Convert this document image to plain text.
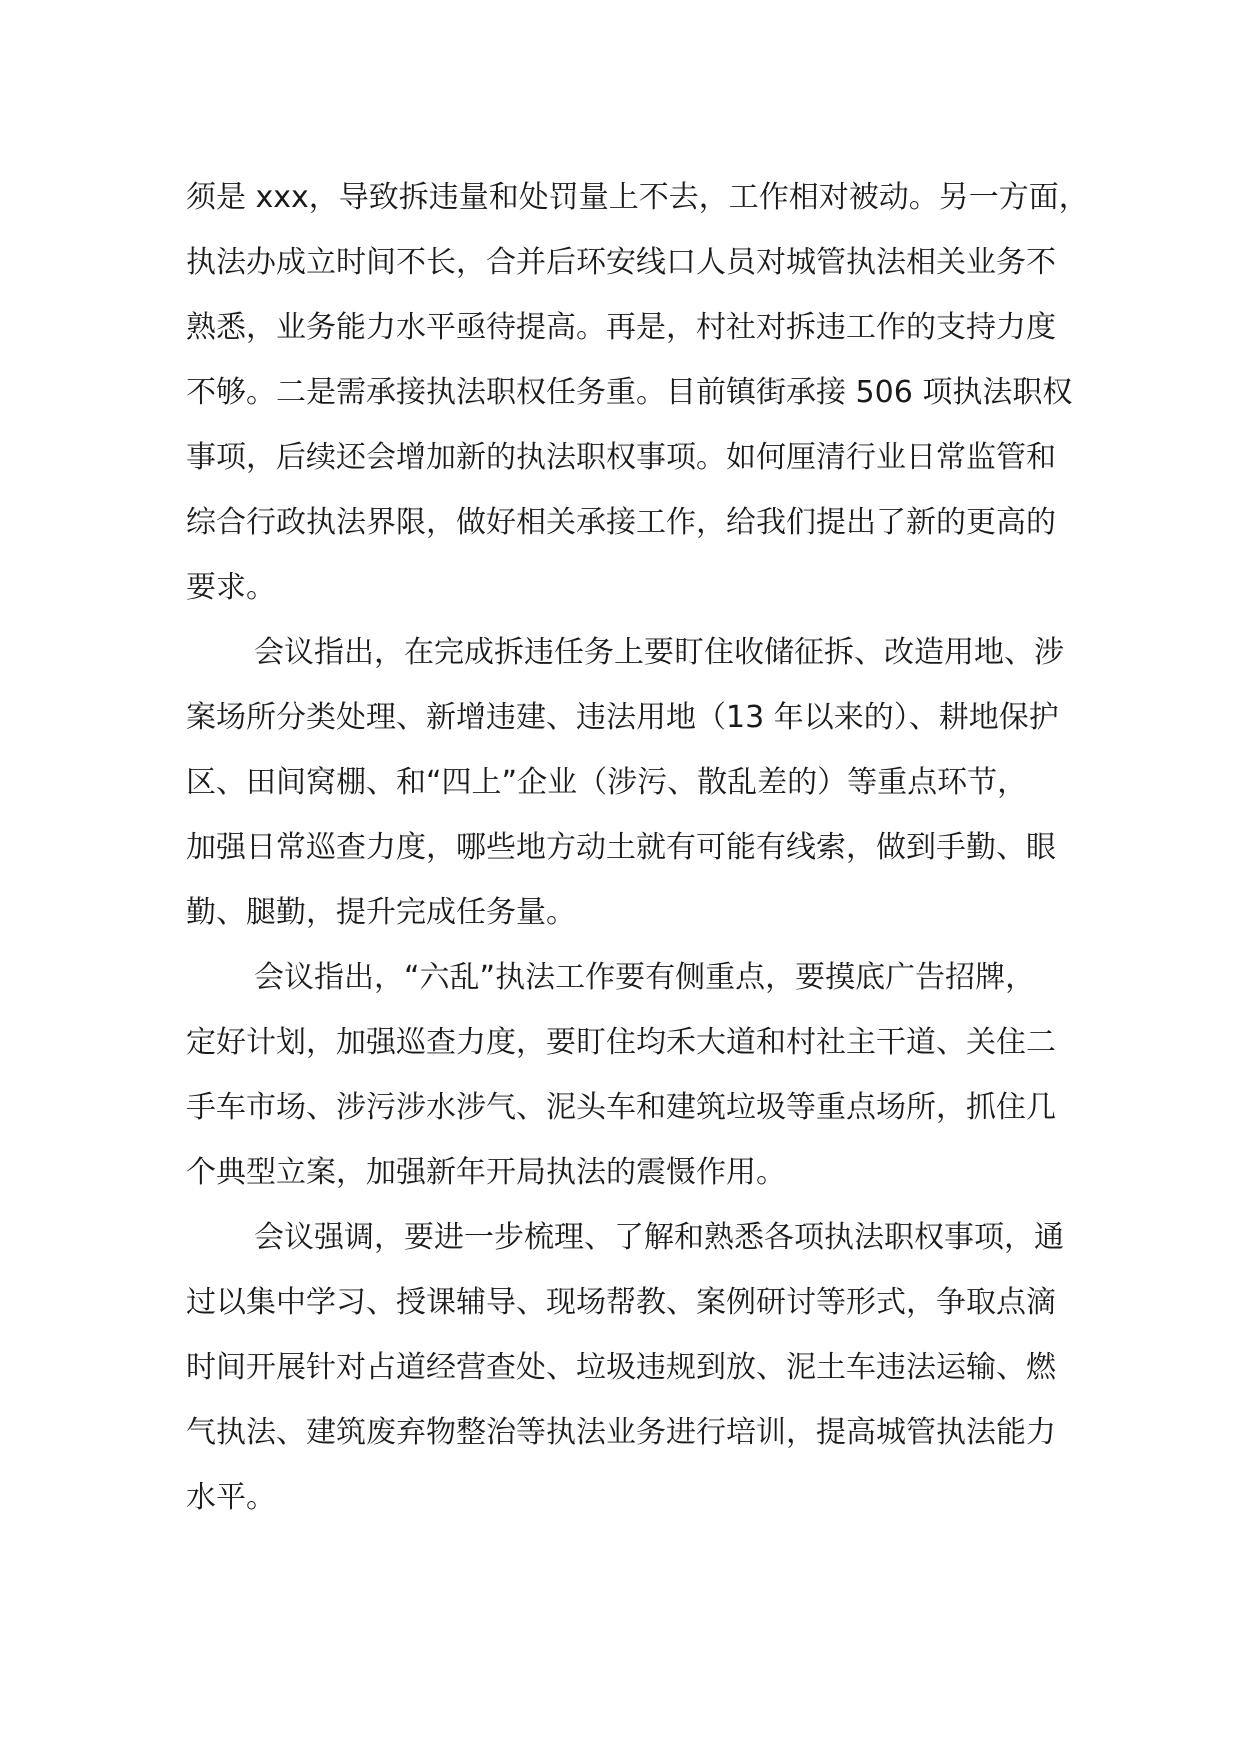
须是 xxx，导致拆违量和处罚量上不去，工作相对被动。另一方面，
执法办成立时间不长，合并后环安线口人员对城管执法相关业务不
熟悉，业务能力水平亟待提高。再是，村社对拆违工作的支持力度
不够。二是需承接执法职权任务重。目前镇街承接 506 项执法职权
事项，后续还会增加新的执法职权事项。如何厘清行业日常监管和
综合行政执法界限，做好相关承接工作，给我们提出了新的更高的
要求。
会议指出，在完成拆违任务上要盯住收储征拆、改造用地、涉
案场所分类处理、新增违建、违法用地（13 年以来的）、耕地保护
区、田间窝棚、和“四上”企业（涉污、散乱差的）等重点环节，
加强日常巡查力度，哪些地方动土就有可能有线索，做到手勤、眼
勤、腿勤，提升完成任务量。
会议指出，“六乱”执法工作要有侧重点，要摸底广告招牌，
定好计划，加强巡查力度，要盯住均禾大道和村社主干道、关住二
手车市场、涉污涉水涉气、泥头车和建筑垃圾等重点场所，抓住几
个典型立案，加强新年开局执法的震慑作用。
会议强调，要进一步梳理、了解和熟悉各项执法职权事项，通
过以集中学习、授课辅导、现场帮教、案例研讨等形式，争取点滴
时间开展针对占道经营查处、垃圾违规到放、泥土车违法运输、燃
气执法、建筑废弃物整治等执法业务进行培训，提高城管执法能力
水平。
